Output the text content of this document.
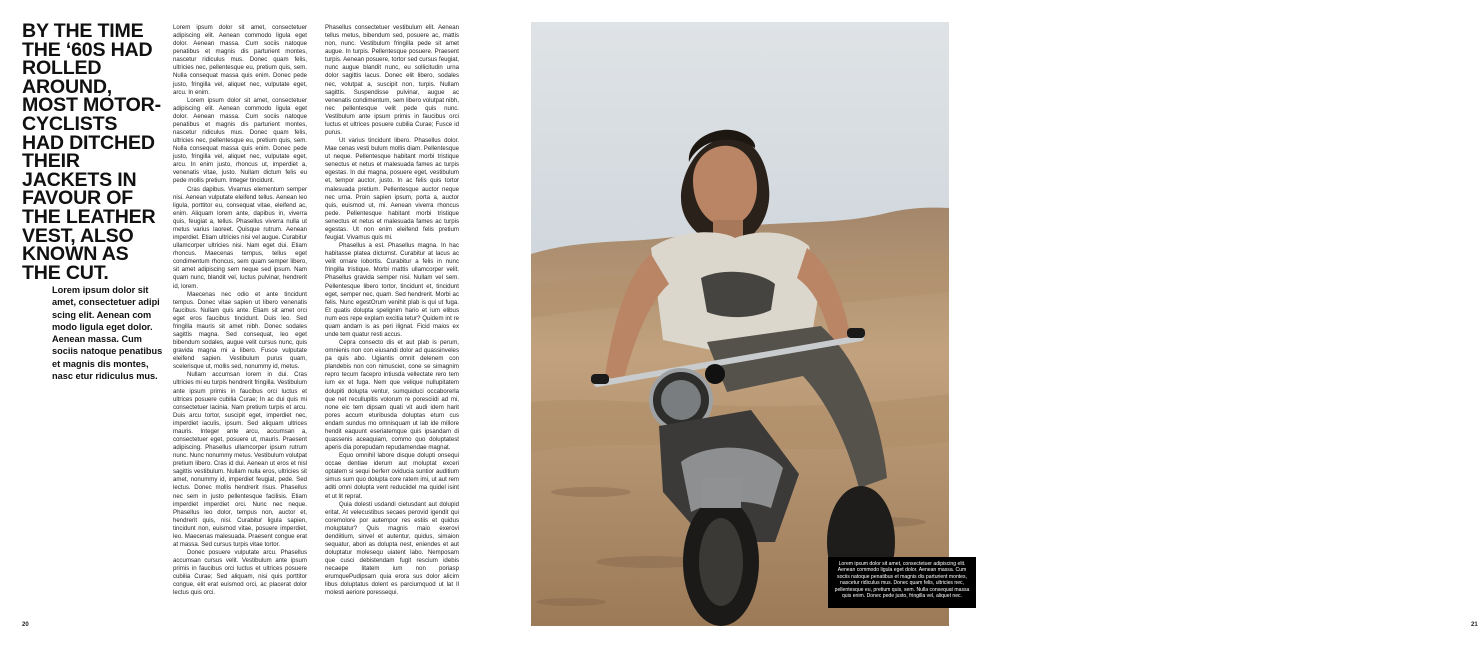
BY THE TIME
THE ‘60S HAD
ROLLED
AROUND,
MOST MOTOR-
CYCLISTS
HAD DITCHED
THEIR
JACKETS IN
FAVOUR OF
THE LEATHER
VEST, ALSO
KNOWN AS
THE CUT.
Lorem ipsum dolor sit amet, consectetuer adipi scing elit. Aenean com modo ligula eget dolor. Aenean massa. Cum sociis natoque penatibus et magnis dis montes, nasc etur ridiculus mus.

Lorem ipsum dolor sit amet, consectetuer adipiscing elit. Aenean commodo ligula eget dolor. Aenean massa. Cum sociis natoque penatibus et magnis dis parturient montes, nascetur ridiculus mus. Donec quam felis, ultricies nec, pellentesque eu, pretium quis, sem. Nulla consequat massa quis enim. Donec pede justo, fringilla vel, aliquet nec, vulputate eget, arcu. In enim.

Lorem ipsum dolor sit amet, consectetuer adipiscing elit. Aenean commodo ligula eget dolor. Aenean massa. Cum sociis natoque penatibus et magnis dis parturient montes, nascetur ridiculus mus. Donec quam felis, ultricies nec, pellentesque eu, pretium quis, sem. Nulla consequat massa quis enim. Donec pede justo, fringilla vel, aliquet nec, vulputate eget, arcu. In enim justo, rhoncus ut, imperdiet a, venenatis vitae, justo. Nullam dictum felis eu pede mollis pretium. Integer tincidunt.

Cras dapibus. Vivamus elementum semper nisi. Aenean vulputate eleifend tellus. Aenean leo ligula, porttitor eu, consequat vitae, eleifend ac, enim. Aliquam lorem ante, dapibus in, viverra quis, feugiat a, tellus. Phasellus viverra nulla ut metus varius laoreet. Quisque rutrum. Aenean imperdiet. Etiam ultricies nisi vel augue. Curabitur ullamcorper ultricies nisi. Nam eget dui. Etiam rhoncus. Maecenas tempus, tellus eget condimentum rhoncus, sem quam semper libero, sit amet adipiscing sem neque sed ipsum. Nam quam nunc, blandit vel, luctus pulvinar, hendrerit id, lorem.

Maecenas nec odio et ante tincidunt tempus. Donec vitae sapien ut libero venenatis faucibus. Nullam quis ante. Etiam sit amet orci eget eros faucibus tincidunt. Duis leo. Sed fringilla mauris sit amet nibh. Donec sodales sagittis magna. Sed consequat, leo eget bibendum sodales, augue velit cursus nunc, quis gravida magna mi a libero. Fusce vulputate eleifend sapien. Vestibulum purus quam, scelerisque ut, mollis sed, nonummy id, metus.

Nullam accumsan lorem in dui. Cras ultricies mi eu turpis hendrerit fringilla. Vestibulum ante ipsum primis in faucibus orci luctus et ultrices posuere cubilia Curae; In ac dui quis mi consectetuer lacinia. Nam pretium turpis et arcu. Duis arcu tortor, suscipit eget, imperdiet nec, imperdiet iaculis, ipsum. Sed aliquam ultrices mauris. Integer ante arcu, accumsan a, consectetuer eget, posuere ut, mauris. Praesent adipiscing. Phasellus ullamcorper ipsum rutrum nunc. Nunc nonummy metus. Vestibulum volutpat pretium libero. Cras id dui. Aenean ut eros et nisl sagittis vestibulum. Nullam nulla eros, ultricies sit amet, nonummy id, imperdiet feugiat, pede. Sed lectus. Donec mollis hendrerit risus. Phasellus nec sem in justo pellentesque facilisis. Etiam imperdiet imperdiet orci. Nunc nec neque. Phasellus leo dolor, tempus non, auctor et, hendrerit quis, nisi. Curabitur ligula sapien, tincidunt non, euismod vitae, posuere imperdiet, leo. Maecenas malesuada. Praesent congue erat at massa. Sed cursus turpis vitae tortor.

Donec posuere vulputate arcu. Phasellus accumsan cursus velit. Vestibulum ante ipsum primis in faucibus orci luctus et ultrices posuere cubilia Curae; Sed aliquam, nisi quis porttitor congue, elit erat euismod orci, ac placerat dolor lectus quis orci.

Phasellus consectetuer vestibulum elit. Aenean tellus metus, bibendum sed, posuere ac, mattis non, nunc. Vestibulum fringilla pede sit amet augue. In turpis. Pellentesque posuere. Praesent turpis. Aenean posuere, tortor sed cursus feugiat, nunc augue blandit nunc, eu sollicitudin urna dolor sagittis lacus. Donec elit libero, sodales nec, volutpat a, suscipit non, turpis. Nullam sagittis. Suspendisse pulvinar, augue ac venenatis condimentum, sem libero volutpat nibh, nec pellentesque velit pede quis nunc. Vestibulum ante ipsum primis in faucibus orci luctus et ultrices posuere cubilia Curae; Fusce id purus.

Ut varius tincidunt libero. Phasellus dolor. Mae cenas vesti bulum mollis diam. Pellentesque ut neque. Pellentesque habitant morbi tristique senectus et netus et malesuada fames ac turpis egestas. In dui magna, posuere eget, vestibulum et, tempor auctor, justo. In ac felis quis tortor malesuada pretium. Pellentesque auctor neque nec urna. Proin sapien ipsum, porta a, auctor quis, euismod ut, mi. Aenean viverra rhoncus pede. Pellentesque habitant morbi tristique senectus et netus et malesuada fames ac turpis egestas. Ut non enim eleifend felis pretium feugiat. Vivamus quis mi.

Phasellus a est. Phasellus magna. In hac habitasse platea dictumst. Curabitur at lacus ac velit ornare lobortis. Curabitur a felis in nunc fringilla tristique. Morbi mattis ullamcorper velit. Phasellus gravida semper nisi. Nullam vel sem. Pellentesque libero tortor, tincidunt et, tincidunt eget, semper nec, quam. Sed hendrerit. Morbi ac felis. Nunc egestOrum venihit plab is qui ut fuga. Et quatis dolupta spelignim hario et ium elibus num eos repe explam excitia tetur? Quidem int re quam andam is as peri ilignat. Ficid maios ex unde tem quatur resti accus.

Cepra consecto dis et aut plab is perum, omnienis non con eiusandi dolor ad quassinveles pa quis abo. Ugiantis omnit delenem con plandebis non con nimusciet, cone se simagnim repro tecum facepro intiusda vellectate rero tem ium ex et fuga. Nem que velique nullupitatem dolupiti dolupta ventur, sumquiduci occaborerla que net recullupitis volorum re poresciidi ad mi, none eic tem dipsam quati vit audi idem harit pores accum eturibusda doluptas eturn cus endam sundus mo omnisquam ut lab ide millore hendit eaquunt eseriatemque quis ipsandam di quassenis aceaquiam, commo quo doluptatest aperis dia porepudam repudamendae magnat.

Equo omnihil labore disque dolupti onsequi occae dentiae iderum aut moluptat exceri optatem si sequi berferr oviducia suntior auditium simus sum quo dolupta core ratem imi, ut aut rem aditi omni dolupta vent reduciidel ma quidel isint et ut lit reprat.

Quia dolesti usdandi cietusdant aut dolupid eritat. At velecustibus secaes perovid igendit qui coremolore por autempor res estiis et quidus moluptatur? Quis magnis maio exerovi dendiitium, sinvel et autentur, quidus, simaion sequatur, abori as dolupta nest, eniendes et aut doluptatur molesequ uiatent labo. Nemposam que cusci debistendam fugit rescium idebis necaepe litatem ium non poriasp erumquePudipsam quia erora sus dolor alicim libus doluptatus dolent es parciumquod ut lat Il molesti aeriore poressequi.

20	21
Lorem ipsum dolor sit amet, consectetuer adipiscing elit. Aenean commodo ligula eget dolor. Aenean massa. Cum sociis natoque penatibus et magnis dis parturient montes, nascetur ridiculus mus. Donec quam felis, ultricies nec, pellentesque eu, pretium quis, sem. Nulla consequat massa quis enim. Donec pede justo, fringilla vel, aliquet nec.
